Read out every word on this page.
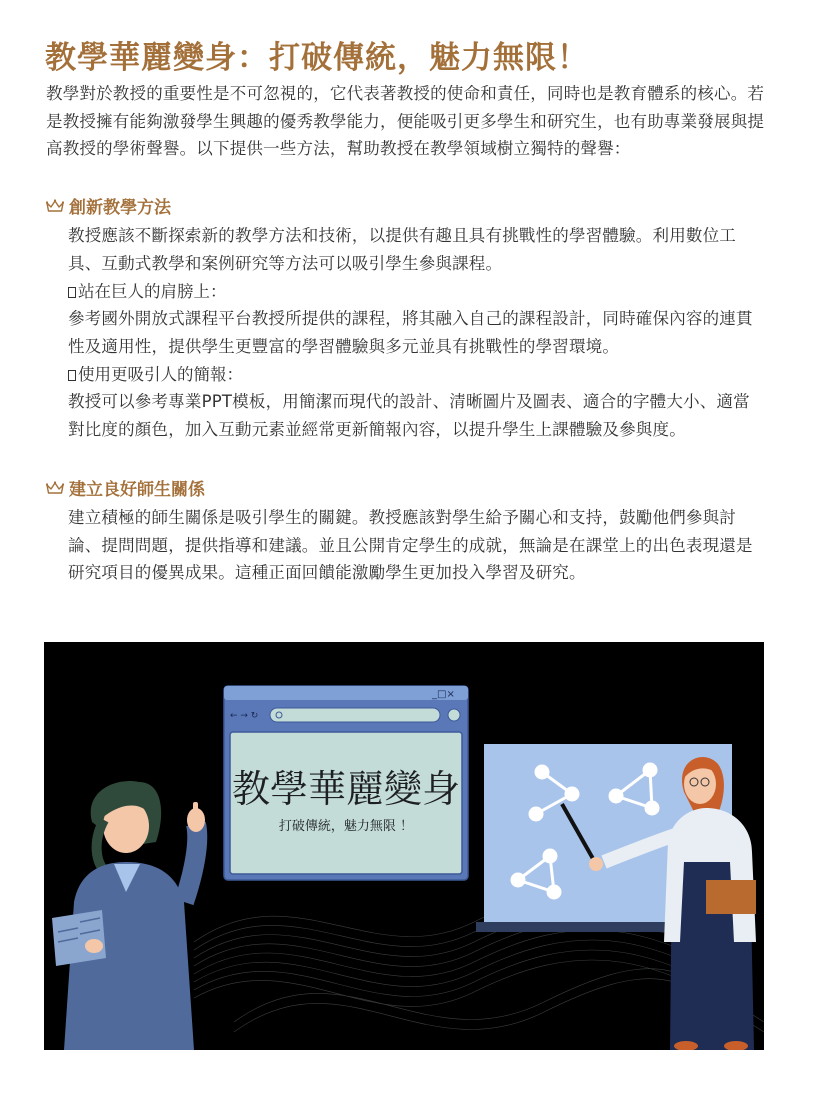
教學華麗變身：打破傳統，魅力無限！

教學對於教授的重要性是不可忽視的，它代表著教授的使命和責任，同時也是教育體系的核心。若是教授擁有能夠激發學生興趣的優秀教學能力，便能吸引更多學生和研究生，也有助專業發展與提高教授的學術聲譽。以下提供一些方法，幫助教授在教學領域樹立獨特的聲譽：

創新教學方法

教授應該不斷探索新的教學方法和技術，以提供有趣且具有挑戰性的學習體驗。利用數位工具、互動式教學和案例研究等方法可以吸引學生參與課程。

站在巨人的肩膀上：

參考國外開放式課程平台教授所提供的課程，將其融入自己的課程設計，同時確保內容的連貫性及適用性，提供學生更豐富的學習體驗與多元並具有挑戰性的學習環境。

使用更吸引人的簡報：

教授可以參考專業PPT模板，用簡潔而現代的設計、清晰圖片及圖表、適合的字體大小、適當對比度的顏色，加入互動元素並經常更新簡報內容，以提升學生上課體驗及參與度。

建立良好師生關係

建立積極的師生關係是吸引學生的關鍵。教授應該對學生給予關心和支持，鼓勵他們參與討論、提問問題，提供指導和建議。並且公開肯定學生的成就，無論是在課堂上的出色表現還是研究項目的優異成果。這種正面回饋能激勵學生更加投入學習及研究。

_□×
← → ↻
教學華麗變身
打破傳統，魅力無限 ！
